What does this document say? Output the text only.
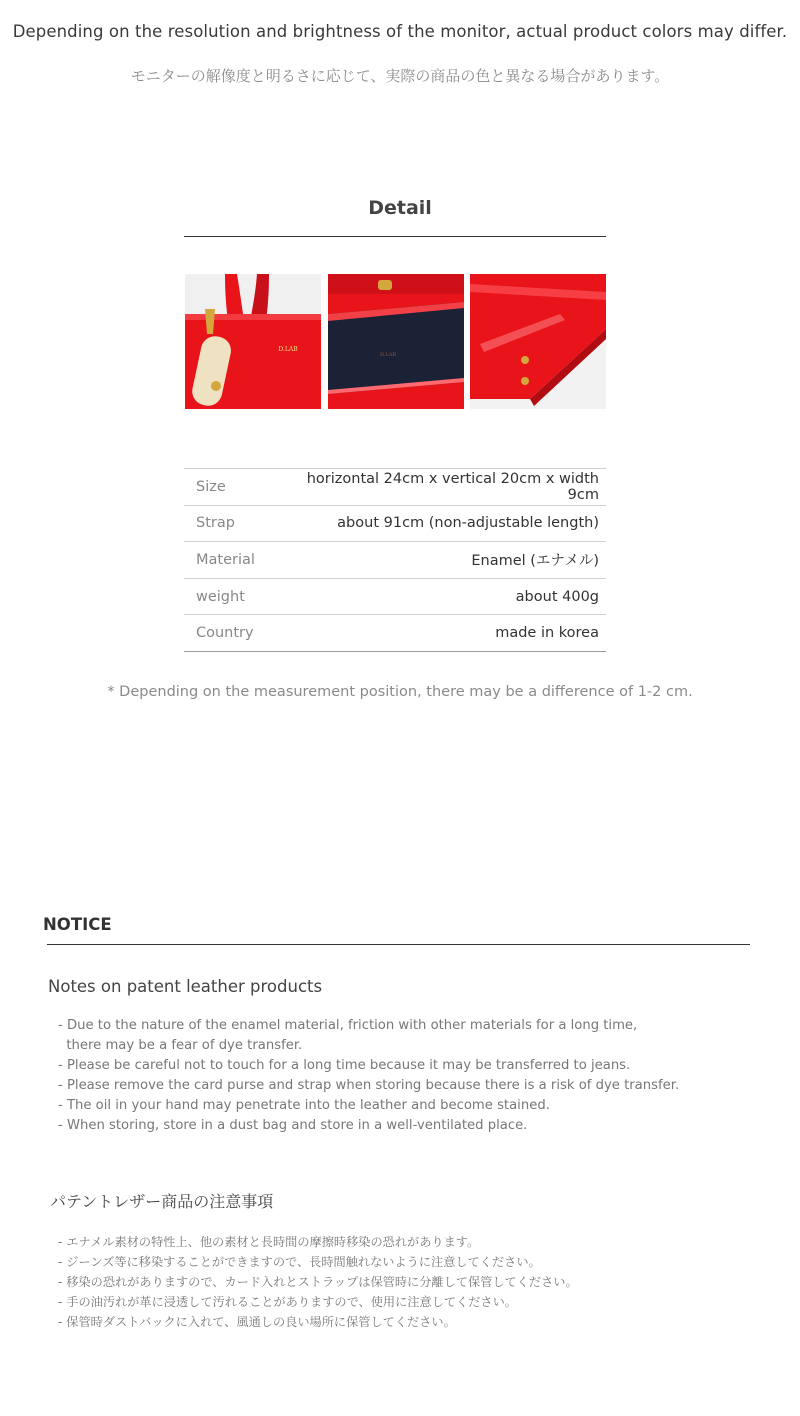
Depending on the resolution and brightness of the monitor, actual product colors may differ.
モニターの解像度と明るさに応じて、実際の商品の色と異なる場合があります。
Detail
D.LAB
D.LAB
Size	horizontal 24cm x vertical 20cm x width 9cm
Strap	about 91cm (non-adjustable length)
Material	Enamel (エナメル)
weight	about 400g
Country	made in korea
* Depending on the measurement position, there may be a difference of 1-2 cm.
NOTICE
Notes on patent leather products
- Due to the nature of the enamel material, friction with other materials for a long time,
there may be a fear of dye transfer.
- Please be careful not to touch for a long time because it may be transferred to jeans.
- Please remove the card purse and strap when storing because there is a risk of dye transfer.
- The oil in your hand may penetrate into the leather and become stained.
- When storing, store in a dust bag and store in a well-ventilated place.
パテントレザー商品の注意事項
- エナメル素材の特性上、他の素材と長時間の摩擦時移染の恐れがあります。
- ジーンズ等に移染することができますので、長時間触れないように注意してください。
- 移染の恐れがありますので、カード入れとストラップは保管時に分離して保管してください。
- 手の油汚れが革に浸透して汚れることがありますので、使用に注意してください。
- 保管時ダストバックに入れて、風通しの良い場所に保管してください。
